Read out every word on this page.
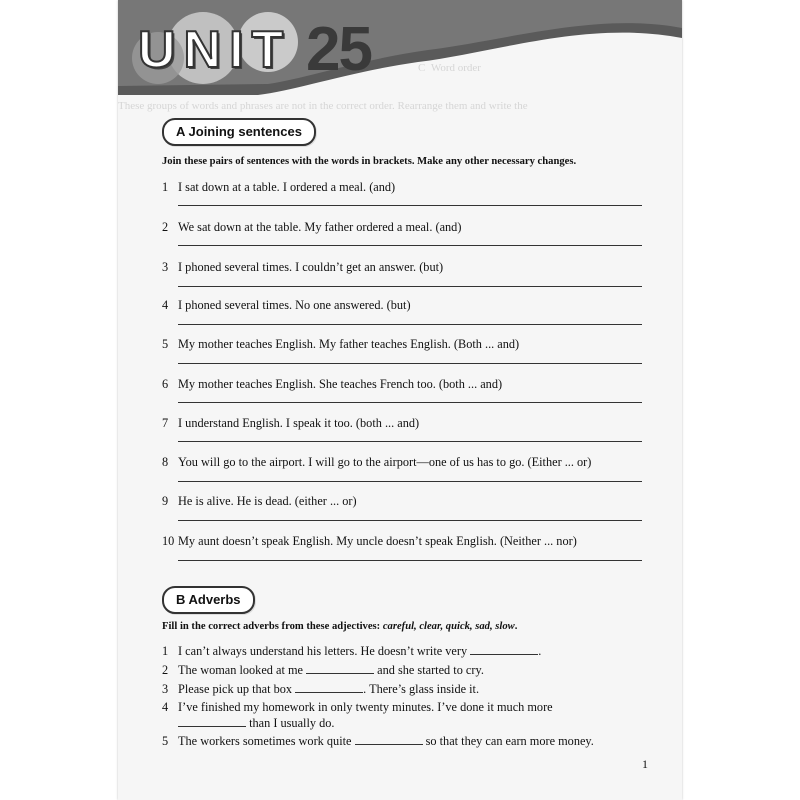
UNIT 25	C  Word order
These groups of words and phrases are not in the correct order. Rearrange them and write the
A Joining sentences
Join these pairs of sentences with the words in brackets. Make any other necessary changes.
1 I sat down at a table. I ordered a meal. (and)
2 We sat down at the table. My father ordered a meal. (and)
3 I phoned several times. I couldn’t get an answer. (but)
4 I phoned several times. No one answered. (but)
5 My mother teaches English. My father teaches English. (Both ... and)
6 My mother teaches English. She teaches French too. (both ... and)
7 I understand English. I speak it too. (both ... and)
8 You will go to the airport. I will go to the airport—one of us has to go. (Either ... or)
9 He is alive. He is dead. (either ... or)
10 My aunt doesn’t speak English. My uncle doesn’t speak English. (Neither ... nor)
B Adverbs
Fill in the correct adverbs from these adjectives: careful, clear, quick, sad, slow.
1 I can’t always understand his letters. He doesn’t write very	.
2 The woman looked at me	and she started to cry.
3 Please pick up that box	. There’s glass inside it.
4 I’ve finished my homework in only twenty minutes. I’ve done it much more
than I usually do.
5 The workers sometimes work quite	so that they can earn more money.
1
